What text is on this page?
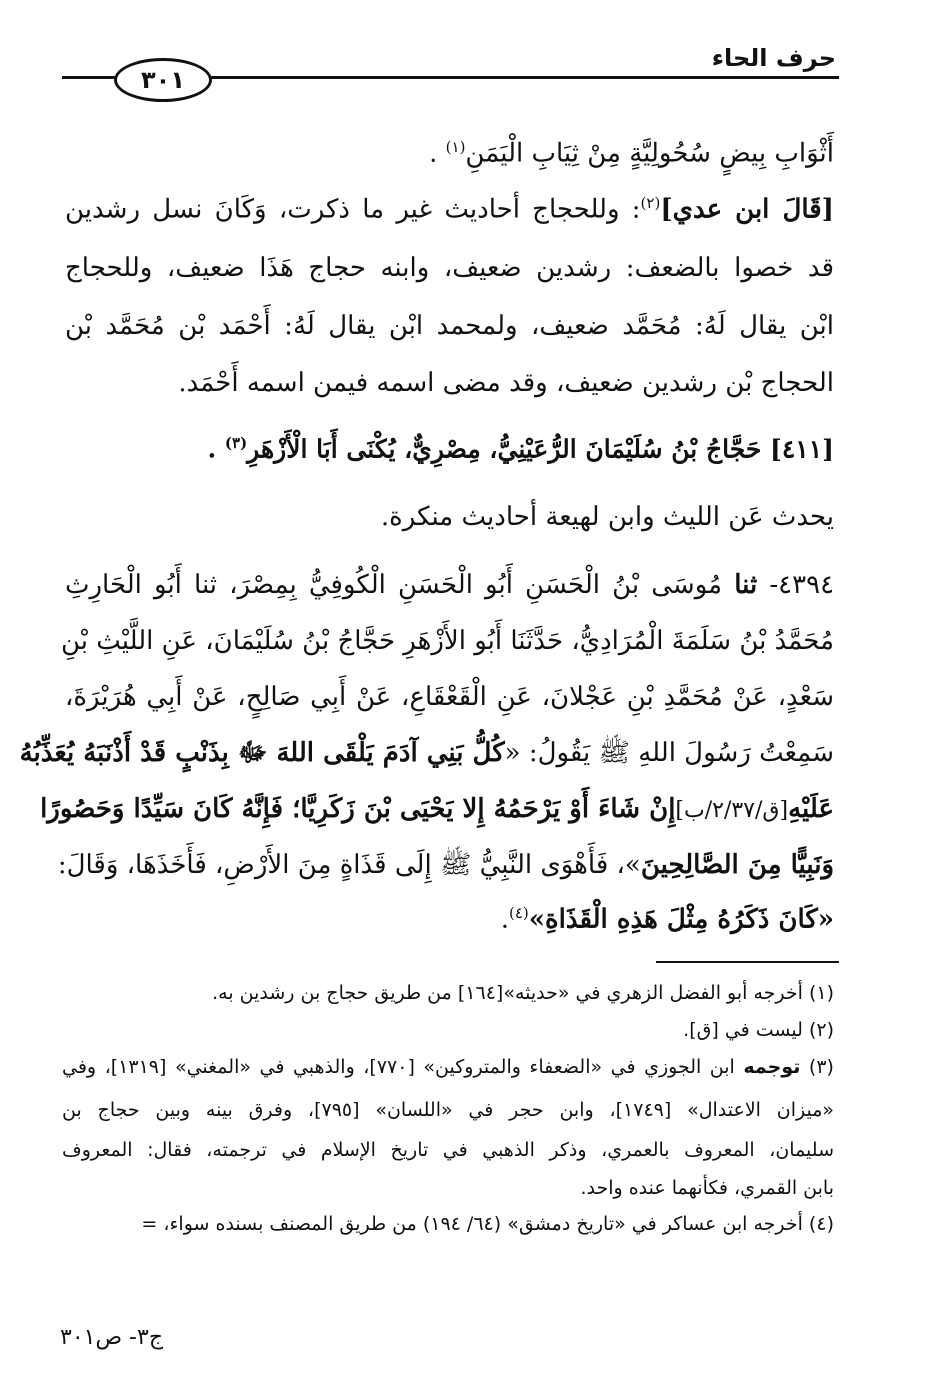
حرف الحاء
٣٠١
أَثْوَابِ بِيضٍ سُحُولِيَّةٍ مِنْ ثِيَابِ الْيَمَنِ$^{(١)}$ .
[قَالَ ابن عدي]$^{(٢)}$: وللحجاج أحاديث غير ما ذكرت، وَكَانَ نسل رشدين
قد خصوا بالضعف: رشدين ضعيف، وابنه حجاج هَذَا ضعيف، وللحجاج
ابْن يقال لَهُ: مُحَمَّد ضعيف، ولمحمد ابْن يقال لَهُ: أَحْمَد بْن مُحَمَّد بْن
الحجاج بْن رشدين ضعيف، وقد مضى اسمه فيمن اسمه أَحْمَد.
[٤١١] حَجَّاجُ بْنُ سُلَيْمَانَ الرُّعَيْنِيُّ، مِصْرِيٌّ، يُكْنَى أَبَا الْأَزْهَرِ$^{(٣)}$ .
يحدث عَن الليث وابن لهيعة أحاديث منكرة.
٤٣٩٤- ثنا مُوسَى بْنُ الْحَسَنِ أَبُو الْحَسَنِ الْكُوفِيُّ بِمِصْرَ، ثنا أَبُو الْحَارِثِ
مُحَمَّدُ بْنُ سَلَمَةَ الْمُرَادِيُّ، حَدَّثَنَا أَبُو الأَزْهَرِ حَجَّاجُ بْنُ سُلَيْمَانَ، عَنِ اللَّيْثِ بْنِ
سَعْدٍ، عَنْ مُحَمَّدِ بْنِ عَجْلانَ، عَنِ الْقَعْقَاعِ، عَنْ أَبِي صَالِحٍ، عَنْ أَبِي هُرَيْرَةَ،
سَمِعْتُ رَسُولَ اللهِ ﷺ يَقُولُ: «كُلُّ بَنِي آدَمَ يَلْقَى اللهَ ﷻ بِذَنْبٍ قَدْ أَذْنَبَهُ يُعَذِّبُهُ
عَلَيْهِ[ق/٢/٣٧/ب]إِنْ شَاءَ أَوْ يَرْحَمُهُ إِلا يَحْيَى بْنَ زَكَرِيَّا؛ فَإِنَّهُ كَانَ سَيِّدًا وَحَصُورًا
وَنَبِيًّا مِنَ الصَّالِحِينَ»، فَأَهْوَى النَّبِيُّ ﷺ إِلَى قَذَاةٍ مِنَ الأَرْضِ، فَأَخَذَهَا، وَقَالَ:
«كَانَ ذَكَرُهُ مِثْلَ هَذِهِ الْقَذَاةِ»$^{(٤)}$.
(١) أخرجه أبو الفضل الزهري في «حديثه»[١٦٤] من طريق حجاج بن رشدين به.
(٢) ليست في [ق].
(٣) توجمه ابن الجوزي في «الضعفاء والمتروكين» [٧٧٠]، والذهبي في «المغني» [١٣١٩]، وفي
«ميزان الاعتدال» [١٧٤٩]، وابن حجر في «اللسان» [٧٩٥]، وفرق بينه وبين حجاج بن
سليمان، المعروف بالعمري، وذكر الذهبي في تاريخ الإسلام في ترجمته، فقال: المعروف
بابن القمري، فكأنهما عنده واحد.
(٤) أخرجه ابن عساكر في «تاريخ دمشق» (٦٤/ ١٩٤) من طريق المصنف بسنده سواء، =
ج٣- ص٣٠١
